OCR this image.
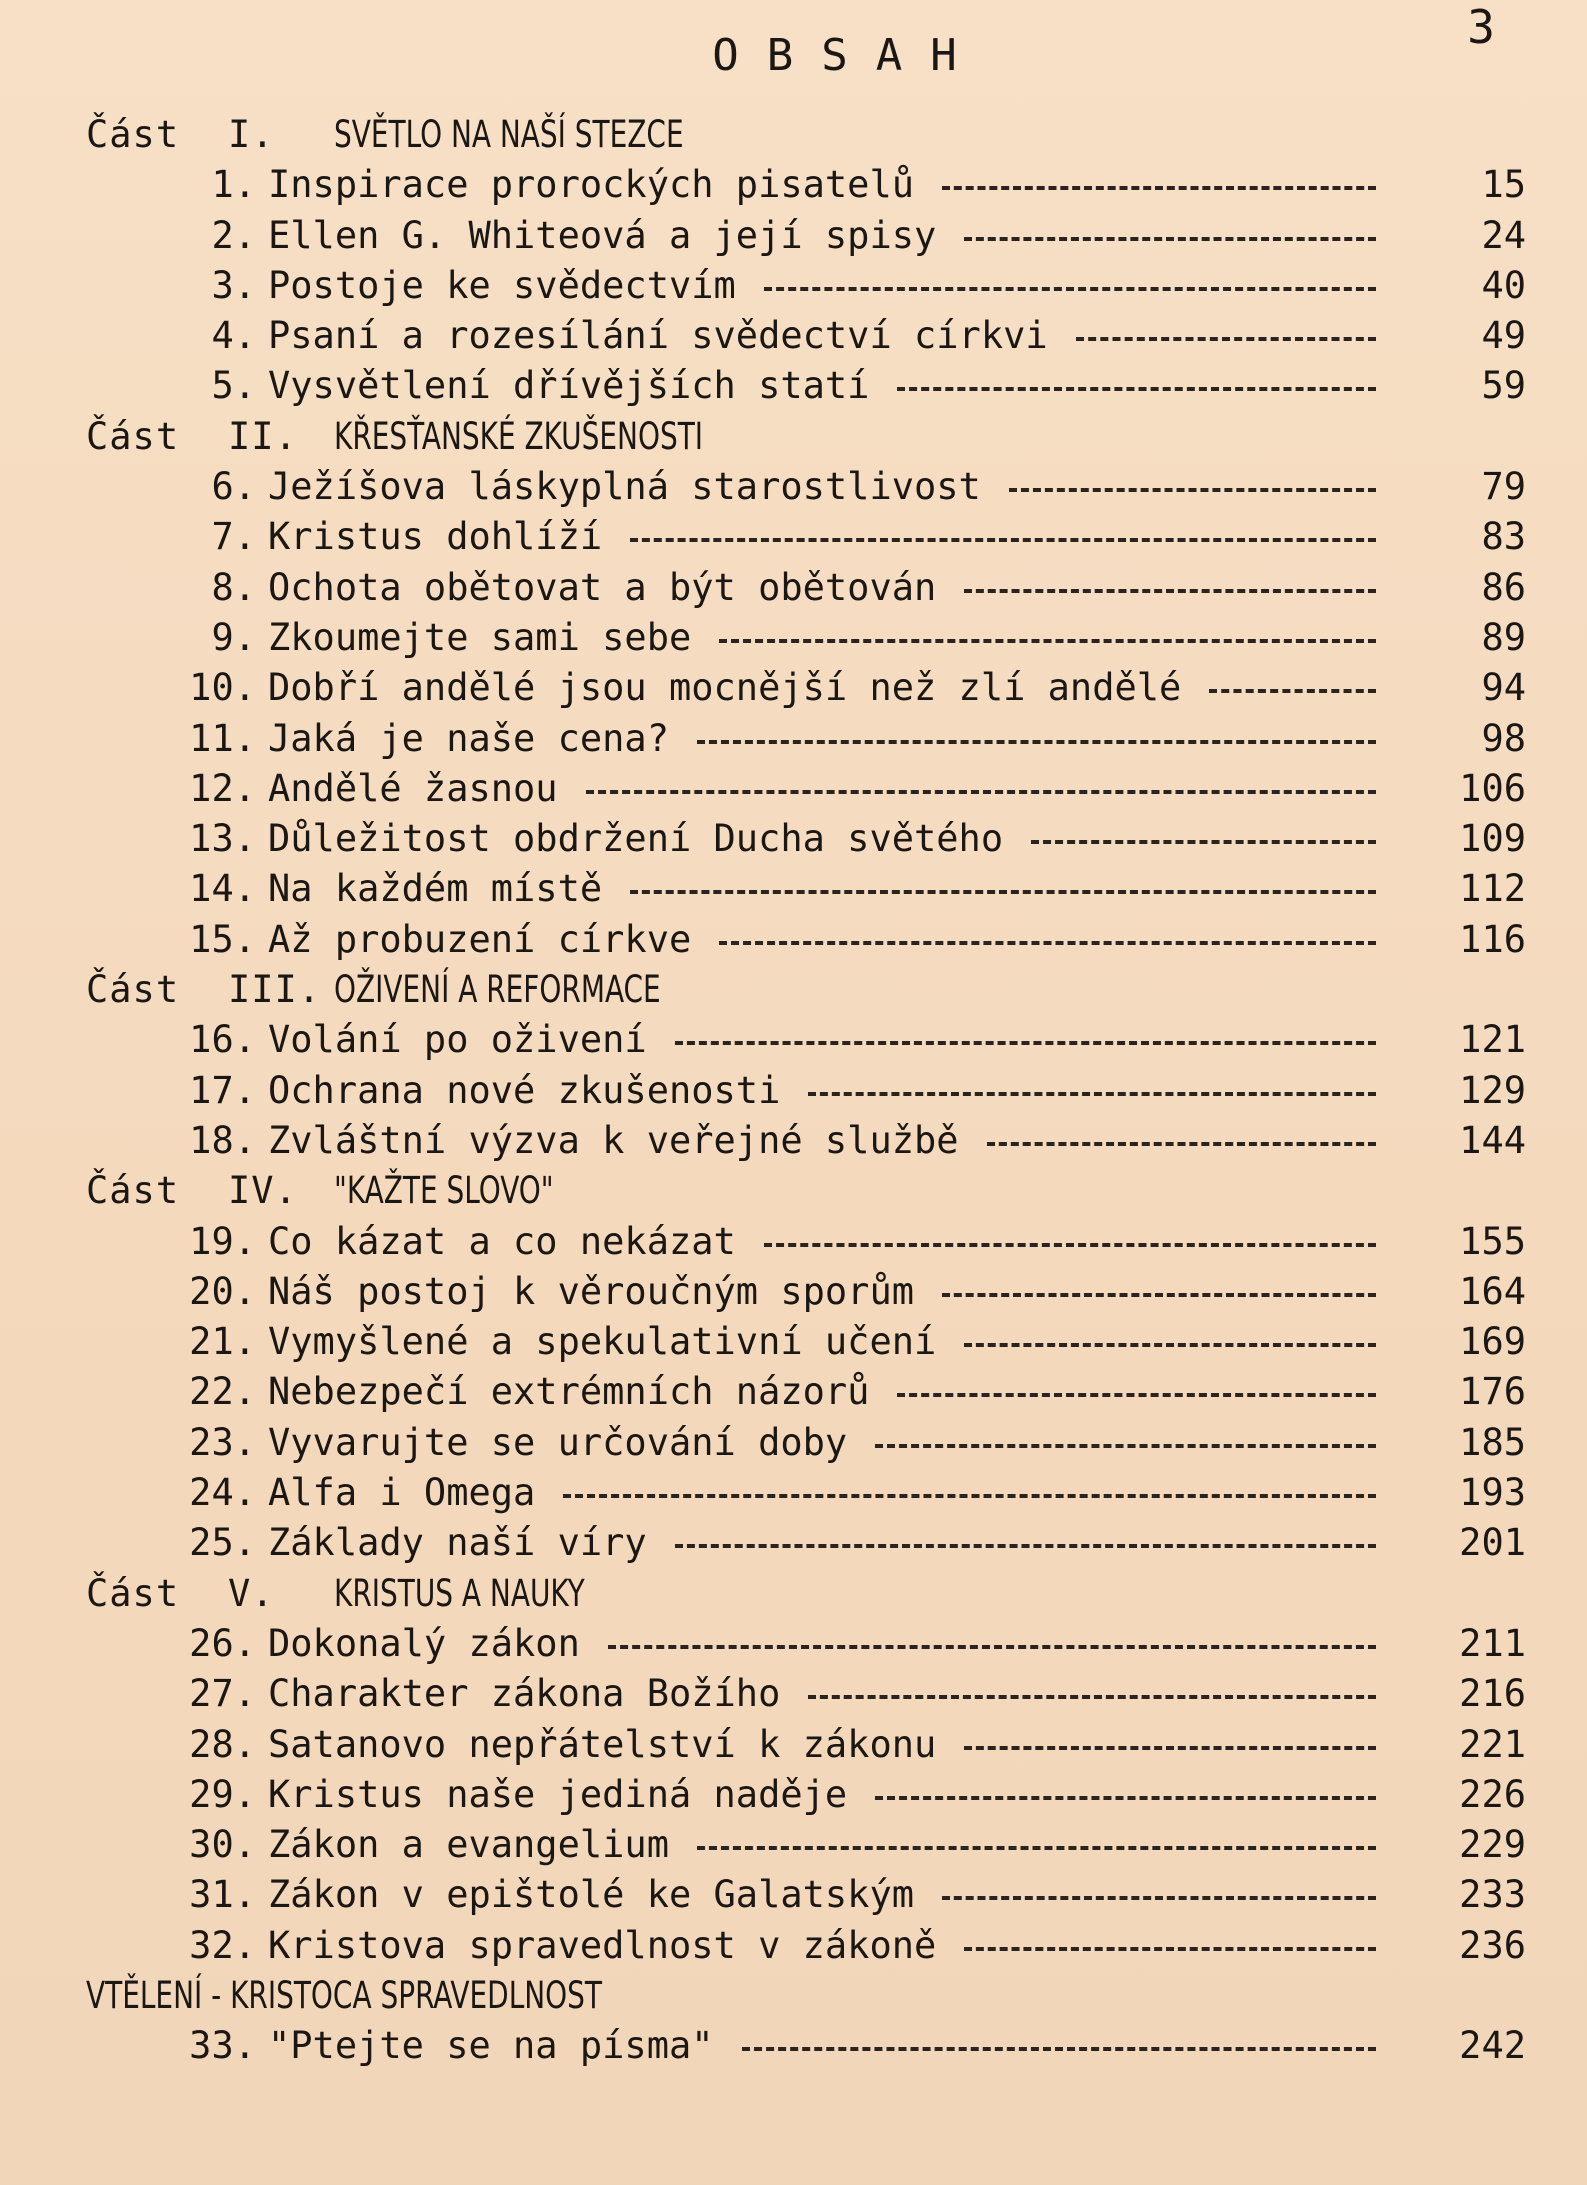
3
OBSAH
Část I. SVĚTLO NA NAŠÍ STEZCE
1. Inspirace prorockých pisatelů	15
2. Ellen G. Whiteová a její spisy	24
3. Postoje ke svědectvím	40
4. Psaní a rozesílání svědectví církvi	49
5. Vysvětlení dřívějších statí	59
Část II. KŘESŤANSKÉ ZKUŠENOSTI
6. Ježíšova láskyplná starostlivost	79
7. Kristus dohlíží	83
8. Ochota obětovat a být obětován	86
9. Zkoumejte sami sebe	89
10. Dobří andělé jsou mocnější než zlí andělé	94
11. Jaká je naše cena?	98
12. Andělé žasnou	106
13. Důležitost obdržení Ducha světého	109
14. Na každém místě	112
15. Až probuzení církve	116
Část III. OŽIVENÍ A REFORMACE
16. Volání po oživení	121
17. Ochrana nové zkušenosti	129
18. Zvláštní výzva k veřejné službě	144
Část IV. "KAŽTE SLOVO"
19. Co kázat a co nekázat	155
20. Náš postoj k věroučným sporům	164
21. Vymyšlené a spekulativní učení	169
22. Nebezpečí extrémních názorů	176
23. Vyvarujte se určování doby	185
24. Alfa i Omega	193
25. Základy naší víry	201
Část V. KRISTUS A NAUKY
26. Dokonalý zákon	211
27. Charakter zákona Božího	216
28. Satanovo nepřátelství k zákonu	221
29. Kristus naše jediná naděje	226
30. Zákon a evangelium	229
31. Zákon v epištolé ke Galatským	233
32. Kristova spravedlnost v zákoně	236
VTĚLENÍ - KRISTOCA SPRAVEDLNOST
33. "Ptejte se na písma"	242
